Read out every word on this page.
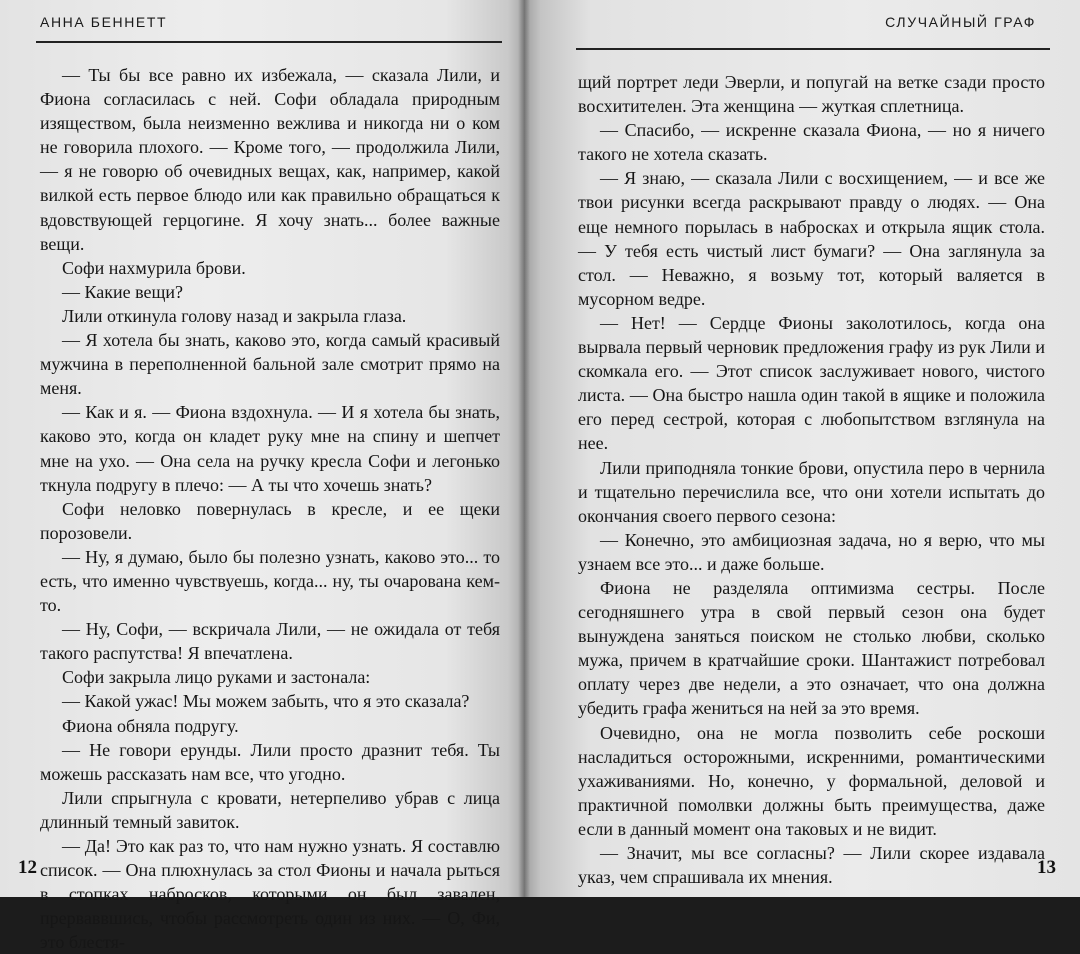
АННА БЕННЕТТ

— Ты бы все равно их избежала, — сказала Лили, и Фиона согласилась с ней. Софи обладала природным изяществом, была неизменно вежлива и никогда ни о ком не говорила плохого. — Кроме того, — продолжила Лили, — я не говорю об очевидных вещах, как, например, какой вилкой есть первое блюдо или как правильно обращаться к вдовствующей герцогине. Я хочу знать... более важные вещи.

Софи нахмурила брови.

— Какие вещи?

Лили откинула голову назад и закрыла глаза.

— Я хотела бы знать, каково это, когда самый красивый мужчина в переполненной бальной зале смотрит прямо на меня.

— Как и я. — Фиона вздохнула. — И я хотела бы знать, каково это, когда он кладет руку мне на спину и шепчет мне на ухо. — Она села на ручку кресла Софи и легонько ткнула подругу в плечо: — А ты что хочешь знать?

Софи неловко повернулась в кресле, и ее щеки порозовели.

— Ну, я думаю, было бы полезно узнать, каково это... то есть, что именно чувствуешь, когда... ну, ты очарована кем-то.

— Ну, Софи, — вскричала Лили, — не ожидала от тебя такого распутства! Я впечатлена.

Софи закрыла лицо руками и застонала:

— Какой ужас! Мы можем забыть, что я это сказала?

Фиона обняла подругу.

— Не говори ерунды. Лили просто дразнит тебя. Ты можешь рассказать нам все, что угодно.

Лили спрыгнула с кровати, нетерпеливо убрав с лица длинный темный завиток.

— Да! Это как раз то, что нам нужно узнать. Я составлю список. — Она плюхнулась за стол Фионы и начала рыться в стопках набросков, которыми он был завален, прерваввшись, чтобы рассмотреть один из них. — О, Фи, это блестя-

12
СЛУЧАЙНЫЙ ГРАФ

щий портрет леди Эверли, и попугай на ветке сзади просто восхитителен. Эта женщина — жуткая сплетница.

— Спасибо, — искренне сказала Фиона, — но я ничего такого не хотела сказать.

— Я знаю, — сказала Лили с восхищением, — и все же твои рисунки всегда раскрывают правду о людях. — Она еще немного порылась в набросках и открыла ящик стола. — У тебя есть чистый лист бумаги? — Она заглянула за стол. — Неважно, я возьму тот, который валяется в мусорном ведре.

— Нет! — Сердце Фионы заколотилось, когда она вырвала первый черновик предложения графу из рук Лили и скомкала его. — Этот список заслуживает нового, чистого листа. — Она быстро нашла один такой в ящике и положила его перед сестрой, которая с любопытством взглянула на нее.

Лили приподняла тонкие брови, опустила перо в чернила и тщательно перечислила все, что они хотели испытать до окончания своего первого сезона:

— Конечно, это амбициозная задача, но я верю, что мы узнаем все это... и даже больше.

Фиона не разделяла оптимизма сестры. После сегодняшнего утра в свой первый сезон она будет вынуждена заняться поиском не столько любви, сколько мужа, причем в кратчайшие сроки. Шантажист потребовал оплату через две недели, а это означает, что она должна убедить графа жениться на ней за это время.

Очевидно, она не могла позволить себе роскоши насладиться осторожными, искренними, романтическими ухаживаниями. Но, конечно, у формальной, деловой и практичной помолвки должны быть преимущества, даже если в данный момент она таковых и не видит.

— Значит, мы все согласны? — Лили скорее издавала указ, чем спрашивала их мнения.	13
